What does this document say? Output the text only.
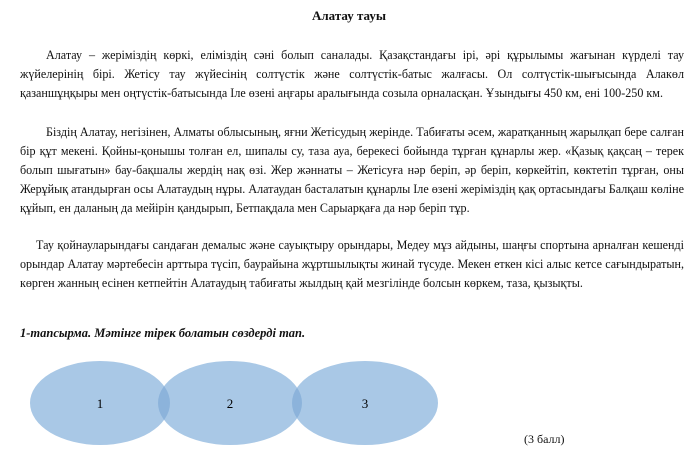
Алатау тауы

Алатау – жеріміздің көркі, еліміздің сәні болып саналады. Қазақстандағы ірі, әрі құрылымы жағынан күрделі тау жүйелерінің бірі. Жетісу тау жүйесінің солтүстік және солтүстік-батыс жалғасы. Ол солтүстік-шығысында Алакөл қазаншұңқыры мен оңтүстік-батысында Іле өзені аңғары аралығында созыла орналасқан. Ұзындығы 450 км, ені 100-250 км.

Біздің Алатау, негізінен, Алматы облысының, яғни Жетісудың жерінде. Табиғаты әсем, жаратқанның жарылқап бере салған бір құт мекені. Қойны-қонышы толған ел, шипалы су, таза ауа, берекесі бойында тұрған құнарлы жер. «Қазық қақсаң – терек болып шығатын» бау-бақшалы жердің нақ өзі. Жер жәннаты – Жетісуға нәр беріп, әр беріп, көркейтіп, көктетіп тұрған, оны Жерұйық атандырған осы Алатаудың нұры. Алатаудан басталатын құнарлы Іле өзені жеріміздің қақ ортасындағы Балқаш көліне құйып, ен даланың да мейірін қандырып, Бетпақдала мен Сарыарқаға да нәр беріп тұр.

Тау қойнауларындағы сандаған демалыс және сауықтыру орындары, Медеу мұз айдыны, шаңғы спортына арналған кешенді орындар Алатау мәртебесін арттыра түсіп, баурайына жұртшылықты жинай түсуде. Мекен еткен кісі алыс кетсе сағындыратын, көрген жанның есінен кетпейтін Алатаудың табиғаты жылдың қай мезгілінде болсын көркем, таза, қызықты.

1-тапсырма. Мәтінге тірек болатын сөздерді тап.
1	2	3
(3 балл)
